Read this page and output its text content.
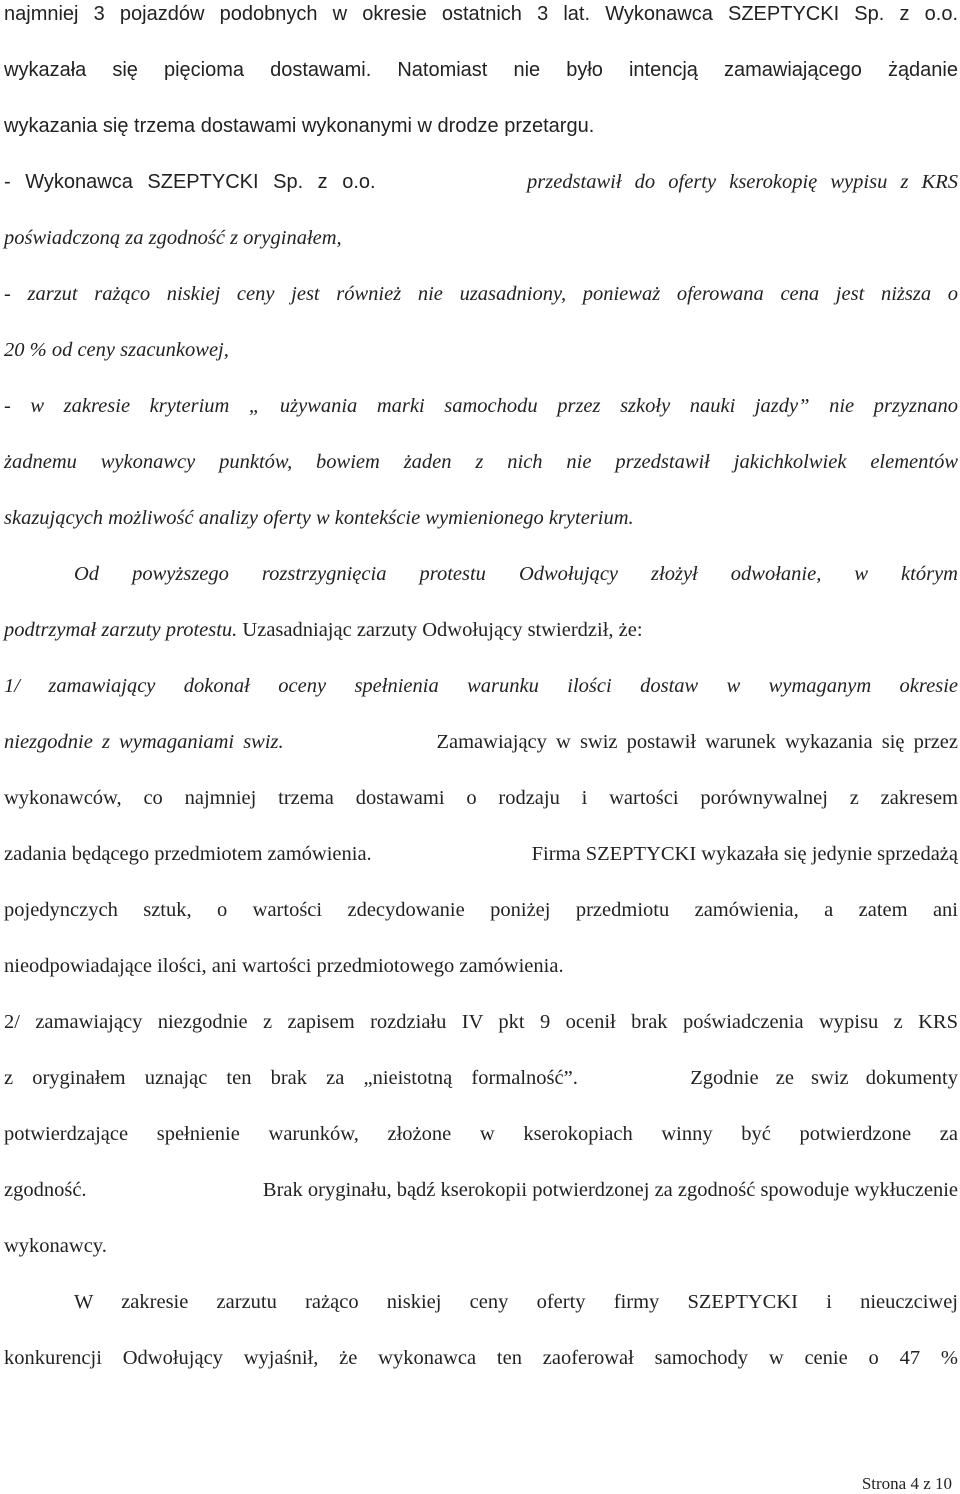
najmniej 3 pojazdów podobnych w okresie ostatnich 3 lat. Wykonawca SZEPTYCKI Sp. z o.o.
wykazała się pięcioma dostawami. Natomiast nie było intencją zamawiającego żądanie
wykazania się trzema dostawami wykonanymi w drodze przetargu.
- Wykonawca SZEPTYCKI Sp. z o.o.	przedstawił do oferty kserokopię wypisu z KRS
poświadczoną za zgodność z oryginałem,
- zarzut rażąco niskiej ceny jest również nie uzasadniony, ponieważ oferowana cena jest niższa o
20 % od ceny szacunkowej,
- w zakresie kryterium „ używania marki samochodu przez szkoły nauki jazdy” nie przyznano
żadnemu wykonawcy punktów, bowiem żaden z nich nie przedstawił jakichkolwiek elementów
skazujących możliwość analizy oferty w kontekście wymienionego kryterium.
Od powyższego rozstrzygnięcia protestu Odwołujący złożył odwołanie, w którym
podtrzymał zarzuty protestu. Uzasadniając zarzuty Odwołujący stwierdził, że:
1/ zamawiający dokonał oceny spełnienia warunku ilości dostaw w wymaganym okresie
niezgodnie z wymaganiami swiz.	Zamawiający w swiz postawił warunek wykazania się przez
wykonawców, co najmniej trzema dostawami o rodzaju i wartości porównywalnej z zakresem
zadania będącego przedmiotem zamówienia.	Firma SZEPTYCKI wykazała się jedynie sprzedażą
pojedynczych sztuk, o wartości zdecydowanie poniżej przedmiotu zamówienia, a zatem ani
nieodpowiadające ilości, ani wartości przedmiotowego zamówienia.
2/ zamawiający niezgodnie z zapisem rozdziału IV pkt 9 ocenił brak poświadczenia wypisu z KRS
z oryginałem uznając ten brak za „nieistotną formalność”.	Zgodnie ze swiz dokumenty
potwierdzające spełnienie warunków, złożone w kserokopiach winny być potwierdzone za
zgodność.	Brak oryginału, bądź kserokopii potwierdzonej za zgodność spowoduje wykłuczenie
wykonawcy.
W zakresie zarzutu rażąco niskiej ceny oferty firmy SZEPTYCKI i nieuczciwej
konkurencji Odwołujący wyjaśnił, że wykonawca ten zaoferował samochody w cenie o 47 %
Strona 4 z 10
